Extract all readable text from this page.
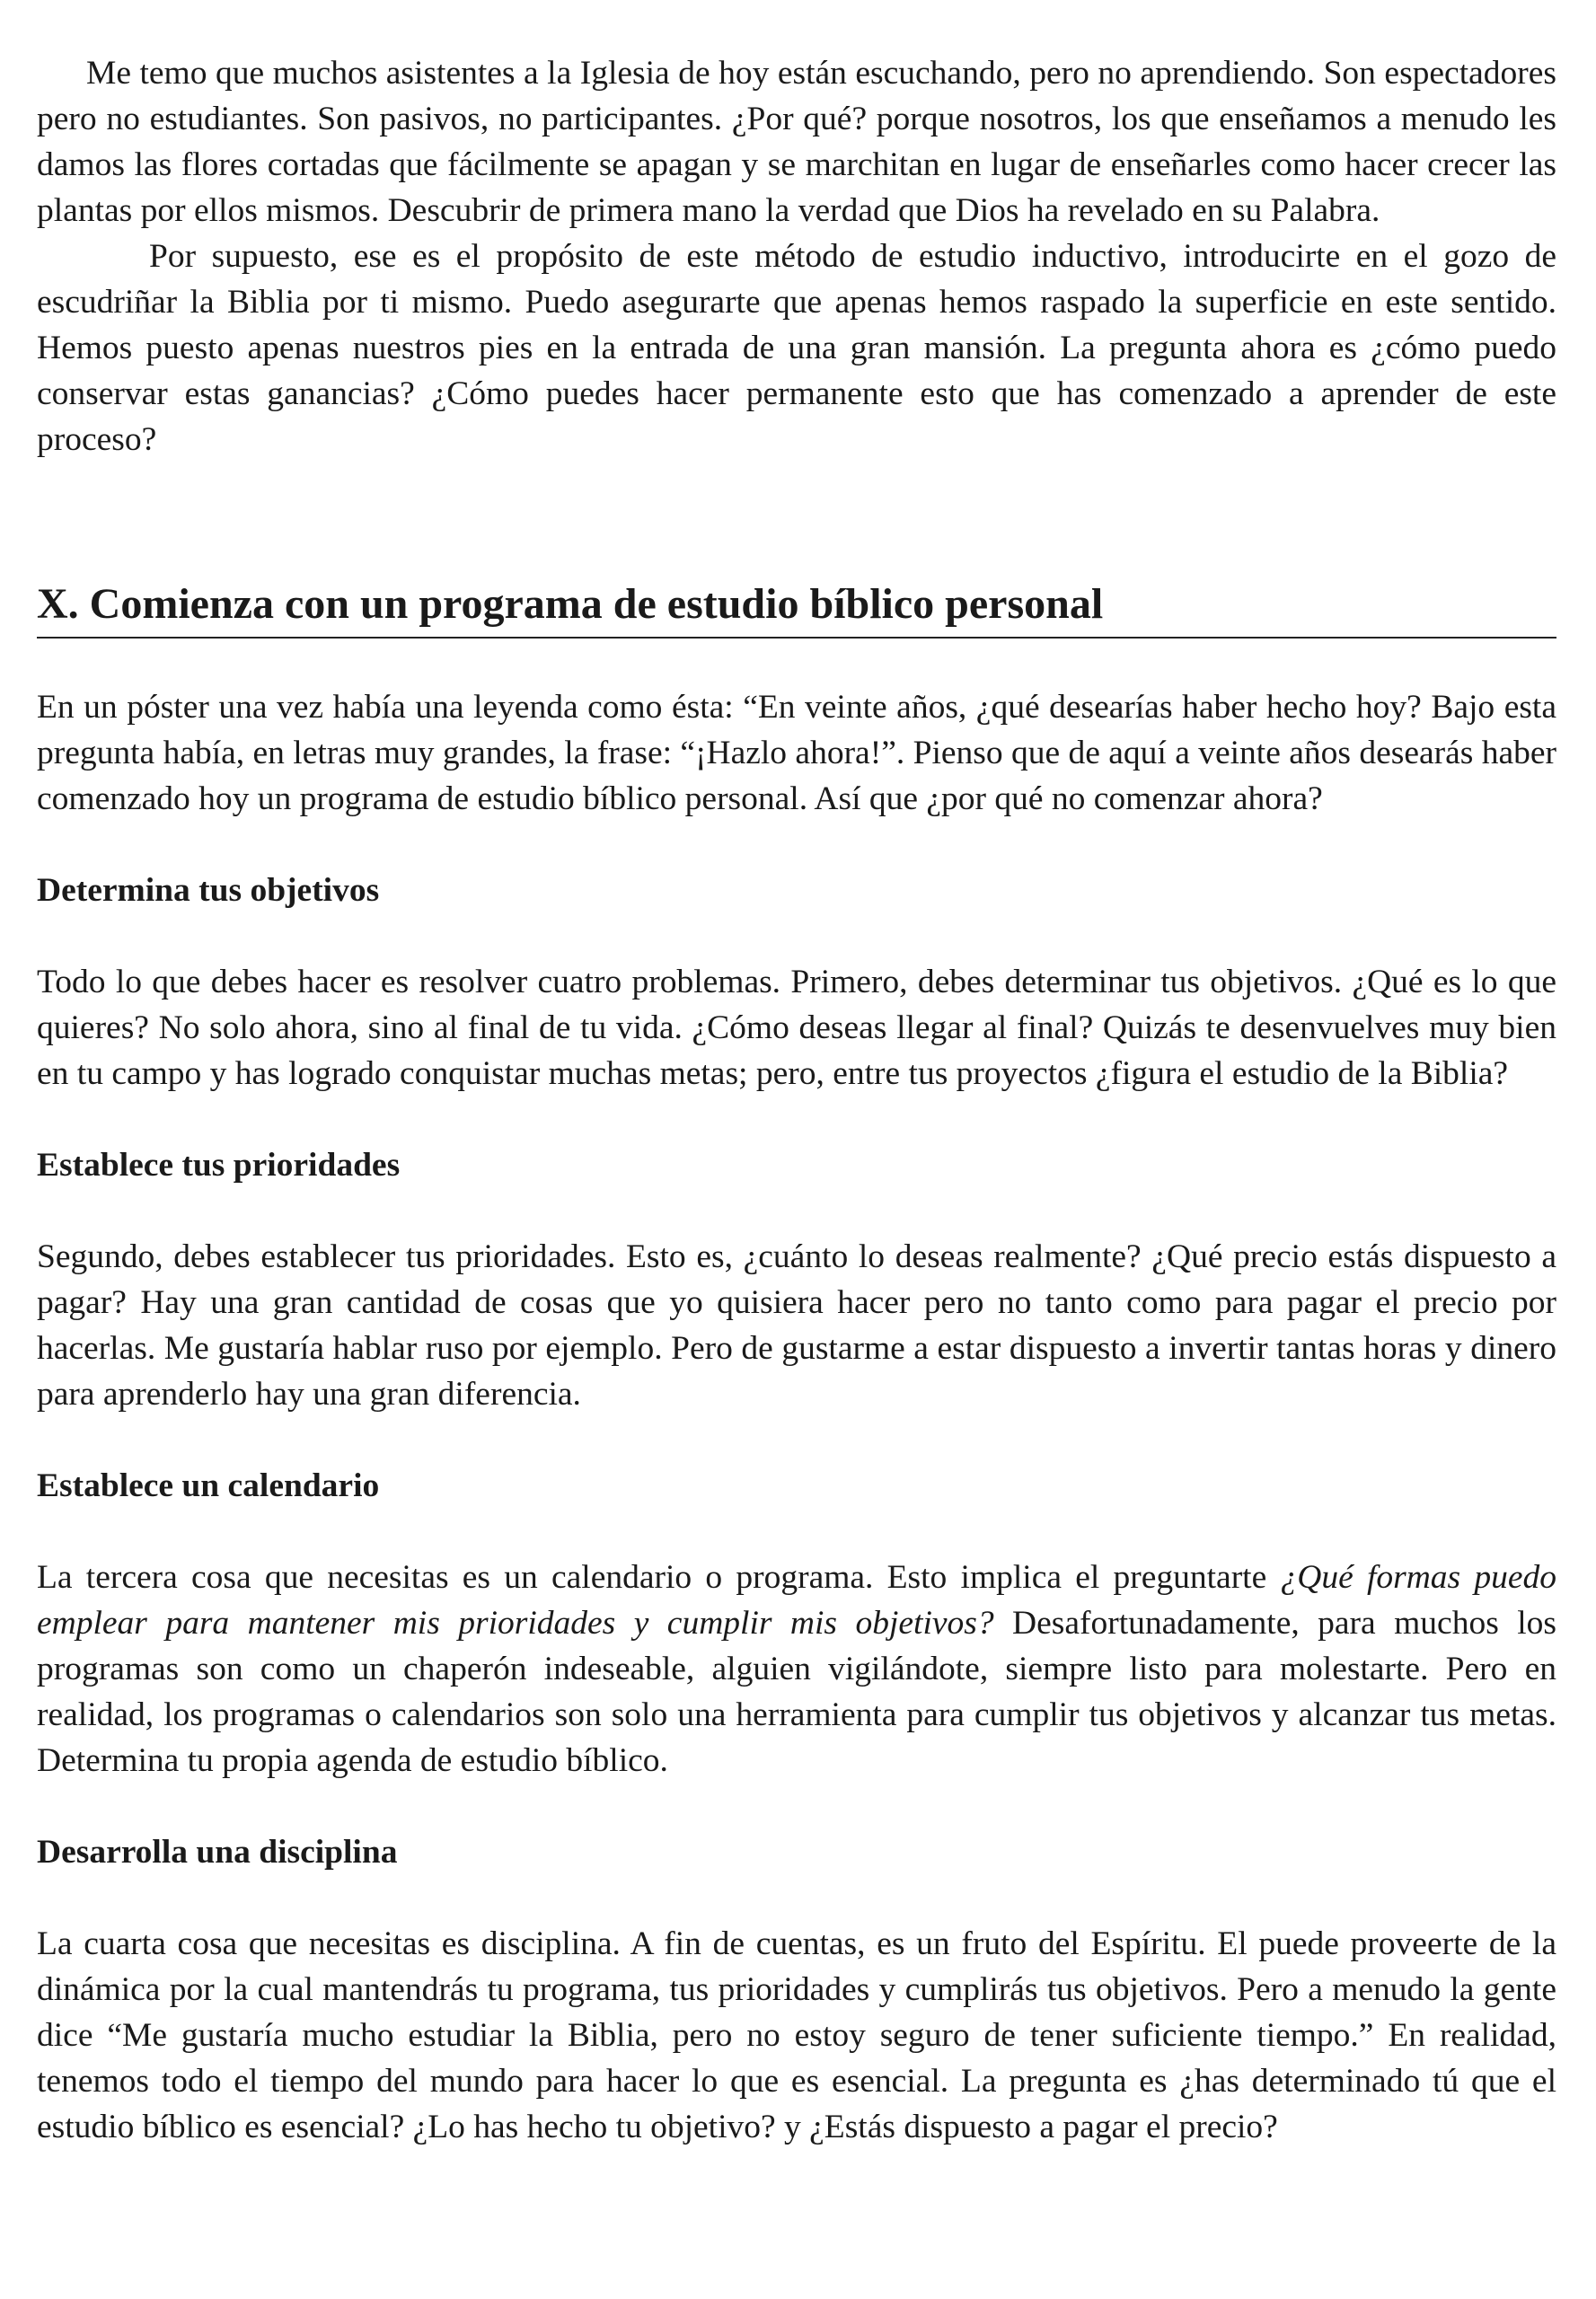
Me temo que muchos asistentes a la Iglesia de hoy están escuchando, pero no aprendiendo. Son espectadores pero no estudiantes. Son pasivos, no participantes. ¿Por qué? porque nosotros, los que enseñamos a menudo les damos las flores cortadas que fácilmente se apagan y se marchitan en lugar de enseñarles como hacer crecer las plantas por ellos mismos. Descubrir de primera mano la verdad que Dios ha revelado en su Palabra.

Por supuesto, ese es el propósito de este método de estudio inductivo, introducirte en el gozo de escudriñar la Biblia por ti mismo. Puedo asegurarte que apenas hemos raspado la superficie en este sentido. Hemos puesto apenas nuestros pies en la entrada de una gran mansión. La pregunta ahora es ¿cómo puedo conservar estas ganancias? ¿Cómo puedes hacer permanente esto que has comenzado a aprender de este proceso?

X. Comienza con un programa de estudio bíblico personal

En un póster una vez había una leyenda como ésta: “En veinte años, ¿qué desearías haber hecho hoy? Bajo esta pregunta había, en letras muy grandes, la frase: “¡Hazlo ahora!”. Pienso que de aquí a veinte años desearás haber comenzado hoy un programa de estudio bíblico personal. Así que ¿por qué no comenzar ahora?

Determina tus objetivos

Todo lo que debes hacer es resolver cuatro problemas. Primero, debes determinar tus objetivos. ¿Qué es lo que quieres? No solo ahora, sino al final de tu vida. ¿Cómo deseas llegar al final? Quizás te desenvuelves muy bien en tu campo y has logrado conquistar muchas metas; pero, entre tus proyectos ¿figura el estudio de la Biblia?

Establece tus prioridades

Segundo, debes establecer tus prioridades. Esto es, ¿cuánto lo deseas realmente? ¿Qué precio estás dispuesto a pagar? Hay una gran cantidad de cosas que yo quisiera hacer pero no tanto como para pagar el precio por hacerlas. Me gustaría hablar ruso por ejemplo. Pero de gustarme a estar dispuesto a invertir tantas horas y dinero para aprenderlo hay una gran diferencia.

Establece un calendario

La tercera cosa que necesitas es un calendario o programa. Esto implica el preguntarte ¿Qué formas puedo emplear para mantener mis prioridades y cumplir mis objetivos? Desafortunadamente, para muchos los programas son como un chaperón indeseable, alguien vigilándote, siempre listo para molestarte. Pero en realidad, los programas o calendarios son solo una herramienta para cumplir tus objetivos y alcanzar tus metas. Determina tu propia agenda de estudio bíblico.

Desarrolla una disciplina

La cuarta cosa que necesitas es disciplina. A fin de cuentas, es un fruto del Espíritu. El puede proveerte de la dinámica por la cual mantendrás tu programa, tus prioridades y cumplirás tus objetivos. Pero a menudo la gente dice “Me gustaría mucho estudiar la Biblia, pero no estoy seguro de tener suficiente tiempo.” En realidad, tenemos todo el tiempo del mundo para hacer lo que es esencial. La pregunta es ¿has determinado tú que el estudio bíblico es esencial? ¿Lo has hecho tu objetivo? y ¿Estás dispuesto a pagar el precio?
